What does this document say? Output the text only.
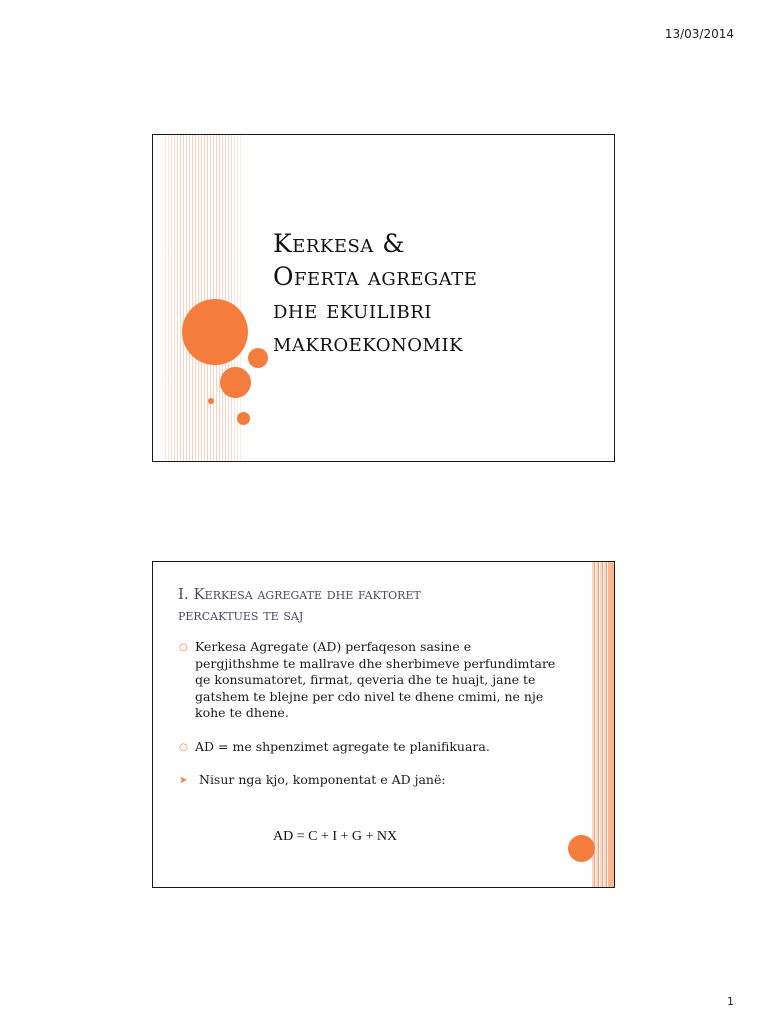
13/03/2014
Kerkesa &
Oferta agregate
dhe ekuilibri
makroekonomik
I. Kerkesa agregate dhe faktoret
percaktues te saj
○ Kerkesa Agregate (AD) perfaqeson sasine e pergjithshme te mallrave dhe sherbimeve perfundimtare qe konsumatoret, firmat, qeveria dhe te huajt, jane te gatshem te blejne per cdo nivel te dhene cmimi, ne nje kohe te dhene.
○ AD = me shpenzimet agregate te planifikuara.
➤ Nisur nga kjo, komponentat e AD janë:
AD = C + I + G + NX
1
